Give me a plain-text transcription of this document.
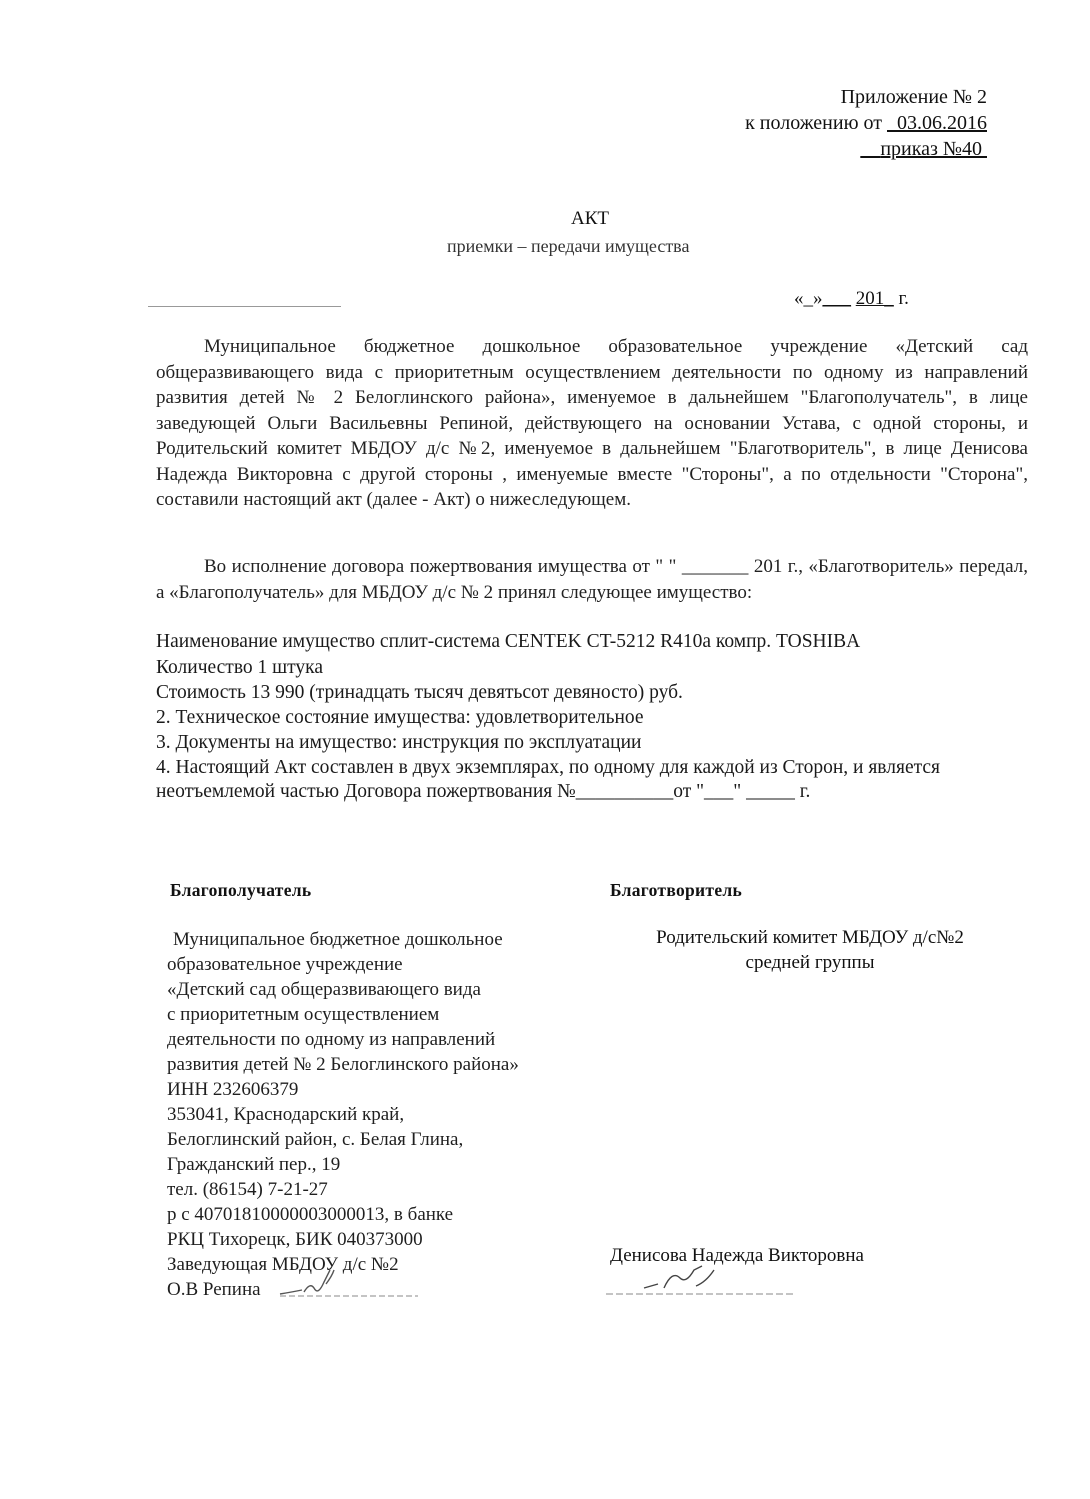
Приложение № 2
к положению от 03.06.2016
приказ №40
АКТ
приемки – передачи имущества
«_»___ 201_ г.
Муниципальное бюджетное дошкольное образовательное учреждение «Детский сад общеразвивающего вида с приоритетным осуществлением деятельности по одному из направлений развития детей № 2 Белоглинского района», именуемое в дальнейшем "Благополучатель", в лице заведующей Ольги Васильевны Репиной, действующего на основании Устава, с одной стороны, и Родительский комитет МБДОУ д/с №2, именуемое в дальнейшем "Благотворитель", в лице Денисова Надежда Викторовна с другой стороны , именуемые вместе "Стороны", а по отдельности "Сторона", составили настоящий акт (далее - Акт) о нижеследующем.
Во исполнение договора пожертвования имущества от " " _______ 201 г., «Благотворитель» передал, а «Благополучатель» для МБДОУ д/с № 2 принял следующее имущество:
Наименование имущество сплит-система CENTEK CT-5212 R410a компр. TOSHIBA
Количество 1 штука
Стоимость 13 990 (тринадцать тысяч девятьсот девяносто) руб.
2. Техническое состояние имущества: удовлетворительное
3. Документы на имущество: инструкция по эксплуатации
4. Настоящий Акт составлен в двух экземплярах, по одному для каждой из Сторон, и является
неотъемлемой частью Договора пожертвования №__________от "___" _____ г.
Благополучатель	Благотворитель
Муниципальное бюджетное дошкольное
образовательное учреждение
«Детский сад общеразвивающего вида
с приоритетным осуществлением
деятельности по одному из направлений
развития детей № 2 Белоглинского района»
ИНН 232606379
353041, Краснодарский край,
Белоглинский район, с. Белая Глина,
Гражданский пер., 19
тел. (86154) 7-21-27
р с 40701810000003000013, в банке
РКЦ Тихорецк, БИК 040373000
Заведующая МБДОУ д/с №2
О.В Репина
Родительский комитет МБДОУ д/с№2
средней группы
Денисова Надежда Викторовна
